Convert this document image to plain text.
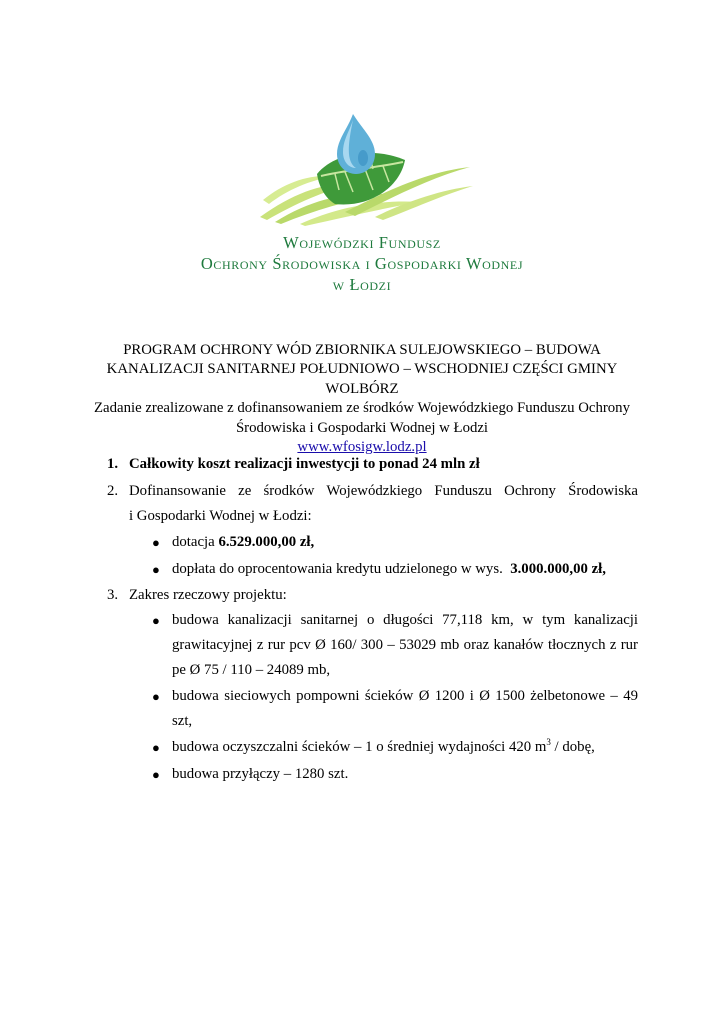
Wojewódzki Fundusz
Ochrony Środowiska i Gospodarki Wodnej
w Łodzi
PROGRAM OCHRONY WÓD ZBIORNIKA SULEJOWSKIEGO – BUDOWA
KANALIZACJI SANITARNEJ POŁUDNIOWO – WSCHODNIEJ CZĘŚCI GMINY
WOLBÓRZ
Zadanie zrealizowane z dofinansowaniem ze środków Wojewódzkiego Funduszu Ochrony
Środowiska i Gospodarki Wodnej w Łodzi
www.wfosigw.lodz.pl
1. Całkowity koszt realizacji inwestycji to ponad 24 mln zł
2. Dofinansowanie ze środków Wojewódzkiego Funduszu Ochrony Środowiska
i Gospodarki Wodnej w Łodzi:
● dotacja 6.529.000,00 zł,
● dopłata do oprocentowania kredytu udzielonego w wys. 3.000.000,00 zł,
3. Zakres rzeczowy projektu:
● budowa kanalizacji sanitarnej o długości 77,118 km, w tym kanalizacji
grawitacyjnej z rur pcv Ø 160/ 300 – 53029 mb oraz kanałów tłocznych z rur
pe Ø 75 / 110 – 24089 mb,
● budowa sieciowych pompowni ścieków Ø 1200 i Ø 1500 żelbetonowe – 49
szt,
● budowa oczyszczalni ścieków – 1 o średniej wydajności 420 $m^3$ / dobę,
● budowa przyłączy – 1280 szt.
